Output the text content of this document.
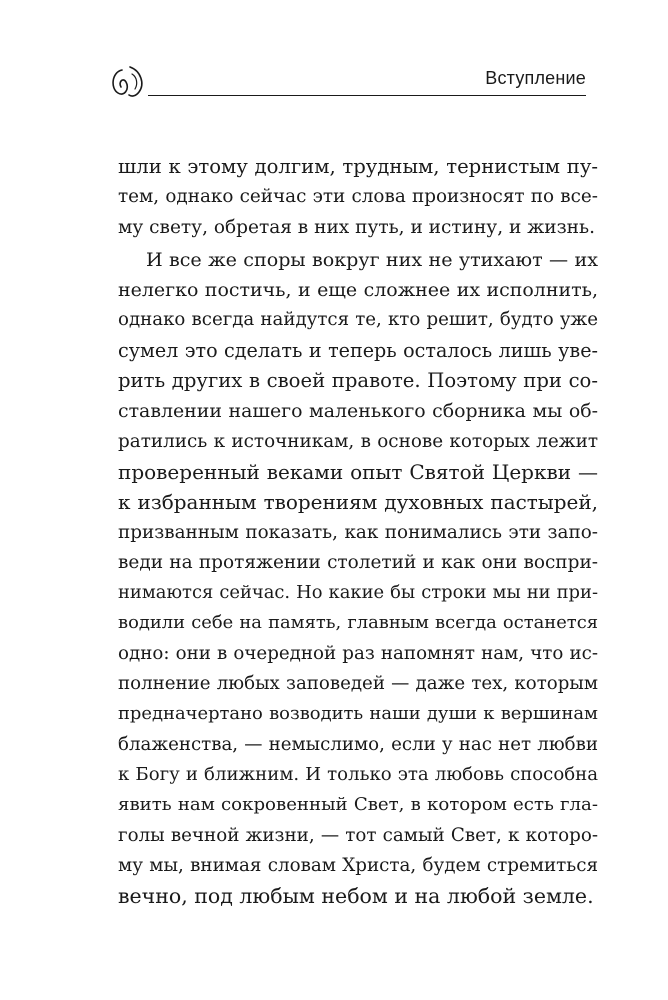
Вступление
шли к этому долгим, трудным, тернистым пу-
тем, однако сейчас эти слова произносят по все-
му свету, обретая в них путь, и истину, и жизнь.
И все же споры вокруг них не утихают — их
нелегко постичь, и еще сложнее их исполнить,
однако всегда найдутся те, кто решит, будто уже
сумел это сделать и теперь осталось лишь уве-
рить других в своей правоте. Поэтому при со-
ставлении нашего маленького сборника мы об-
ратились к источникам, в основе которых лежит
проверенный веками опыт Святой Церкви —
к избранным творениям духовных пастырей,
призванным показать, как понимались эти запо-
веди на протяжении столетий и как они воспри-
нимаются сейчас. Но какие бы строки мы ни при-
водили себе на память, главным всегда останется
одно: они в очередной раз напомнят нам, что ис-
полнение любых заповедей — даже тех, которым
предначертано возводить наши души к вершинам
блаженства, — немыслимо, если у нас нет любви
к Богу и ближним. И только эта любовь способна
явить нам сокровенный Свет, в котором есть гла-
голы вечной жизни, — тот самый Свет, к которо-
му мы, внимая словам Христа, будем стремиться
вечно, под любым небом и на любой земле.
